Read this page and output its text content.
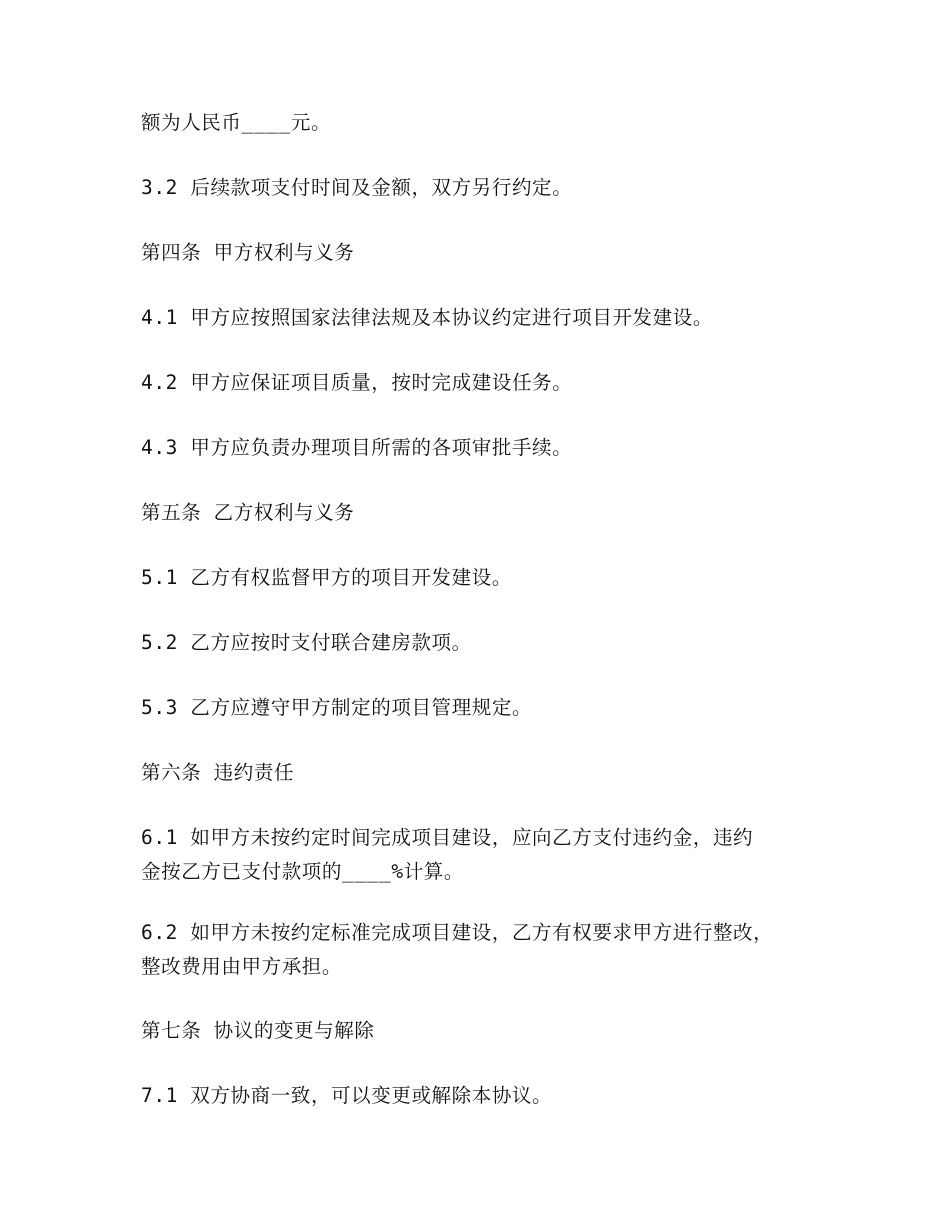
额为人民币____元。

3.2 后续款项支付时间及金额，双方另行约定。

第四条 甲方权利与义务

4.1 甲方应按照国家法律法规及本协议约定进行项目开发建设。

4.2 甲方应保证项目质量，按时完成建设任务。

4.3 甲方应负责办理项目所需的各项审批手续。

第五条 乙方权利与义务

5.1 乙方有权监督甲方的项目开发建设。

5.2 乙方应按时支付联合建房款项。

5.3 乙方应遵守甲方制定的项目管理规定。

第六条 违约责任

6.1 如甲方未按约定时间完成项目建设，应向乙方支付违约金，违约
金按乙方已支付款项的____%计算。

6.2 如甲方未按约定标准完成项目建设，乙方有权要求甲方进行整改，
整改费用由甲方承担。

第七条 协议的变更与解除

7.1 双方协商一致，可以变更或解除本协议。
